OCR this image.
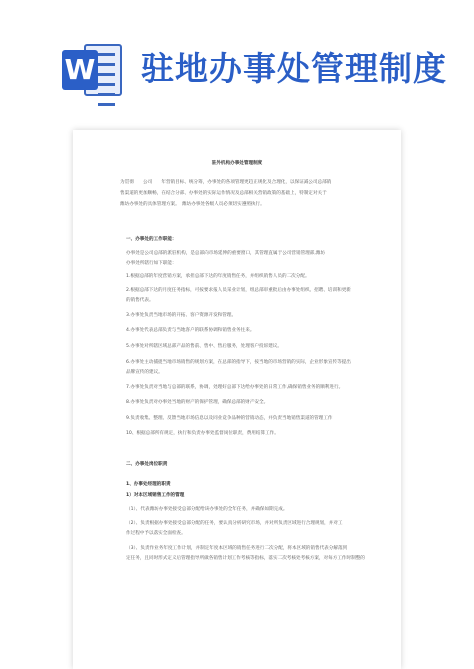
W 驻地办事处管理制度

驻外机构办事处管理制度

为贯彻　　公司　　年营销目标、统分筹，办事处的各项管理更趋正规化及合理化，以保证减公司总部销

售渠道的更加顺畅，在结合分部、办事处的实际运作情况及总部相关营销政策的基础上，特制定对关于

潍坊办事处的具体管理方案。　潍坊办事处各级人员必须切实遵照执行。

一、办事处的工作职能：

办事处是公司总部的派驻机构，是总部向市场延伸的重要窗口，其管理直属于公司营销管理部,潍坊

办事处所辖行如下职能：

1.根据总部的年度营销方案，承担总部下达的年度销售任务，并组织销售人员的二次分配。

2.根据总部下达的月度任务指标，可按要求报人员采业计划，组总部审重批后由办事处组织、招聘、培训和更新

的销售代表。

3.办事处负责当地市场的开拓、客户资源开发和管理。

4.办事处代表总部负责与当地客户的联系协调和销售业务往来。

5.办事处对所辖区域总部产品的售前、售中、售后服务，处理客户投诉建议。

6.办事处主动捕捉当地市场销售的规划方案，在总部的指导下，按当地的市场营销的实际，企业形象宣传等提出

品牌宣传的建议。

7.办事处负责对当地与总部的联系，协调，处理好总部下达给办事处的日常工作,确保销售业务的顺利进行。

8.办事处负责对办事处当地的财产的保护管理，确保总部的财产安全。

9.负责收集、整理、反馈当地市场信息以及同业竞争品种的营销动态，并负责当地销售渠道的管理工作

10、根据总部所有规定，执行和负责办事处监督岗位职责，费用结算工作。

二、办事处岗位职责

1、办事处经理的职责

1）对本区域销售工作的管理

（1）、代表潍坊办事处接受总部分配给该办事处的全年任务，并确保如期完成。

（2）、负责根据办事处接受总部分配的任务，要认真分析研究市场，并对所负责区域进行合理规划，并对工

作过程中予以落实全面检查。

（3）、负责作业务年度工作计划，并制定年度本区域的销售任务进行二次分配，将本区域的销售代表分解落到

定任务，且同时形式定义后管理指导所做各销售计划工作考核等指标，落实二次考核处考核方案，对每方工作时制整的
